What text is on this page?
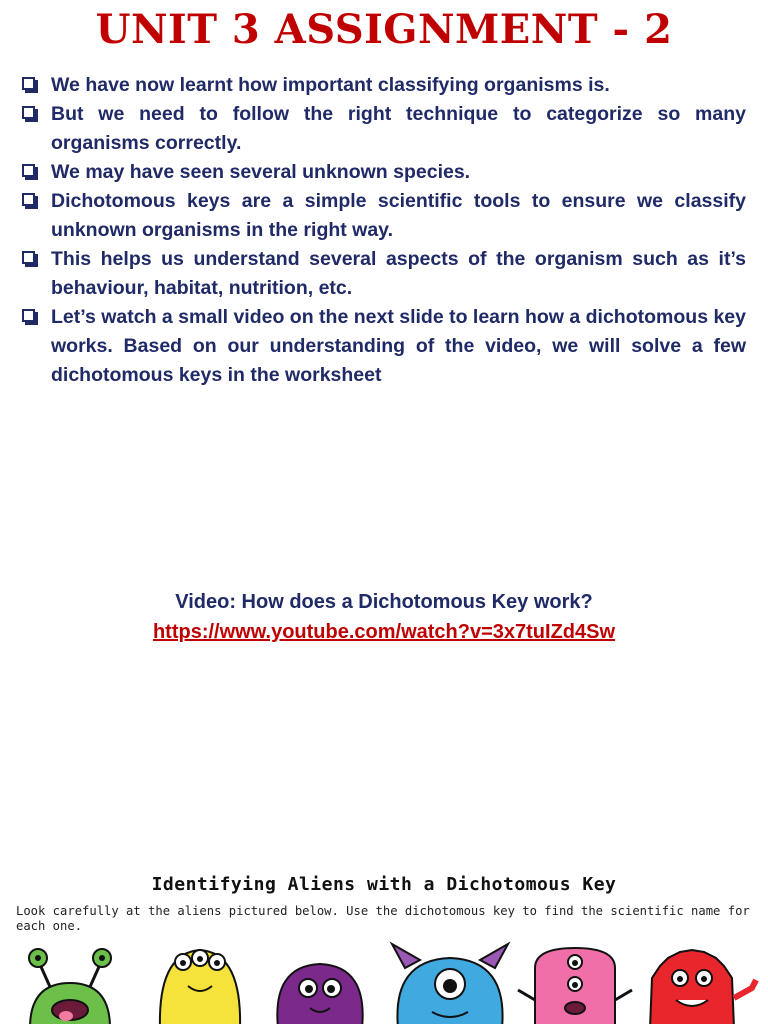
UNIT 3 ASSIGNMENT - 2
We have now learnt how important classifying organisms is.
But we need to follow the right technique to categorize so many organisms correctly.
We may have seen several unknown species.
Dichotomous keys are a simple scientific tools to ensure we classify unknown organisms in the right way.
This helps us understand several aspects of the organism such as it’s behaviour, habitat, nutrition, etc.
Let’s watch a small video on the next slide to learn how a dichotomous key works. Based on our understanding of the video, we will solve a few dichotomous keys in the worksheet
Video: How does a Dichotomous Key work?
https://www.youtube.com/watch?v=3x7tuIZd4Sw
Identifying Aliens with a Dichotomous Key
Look carefully at the aliens pictured below. Use the dichotomous key to find the scientific name for each one.
